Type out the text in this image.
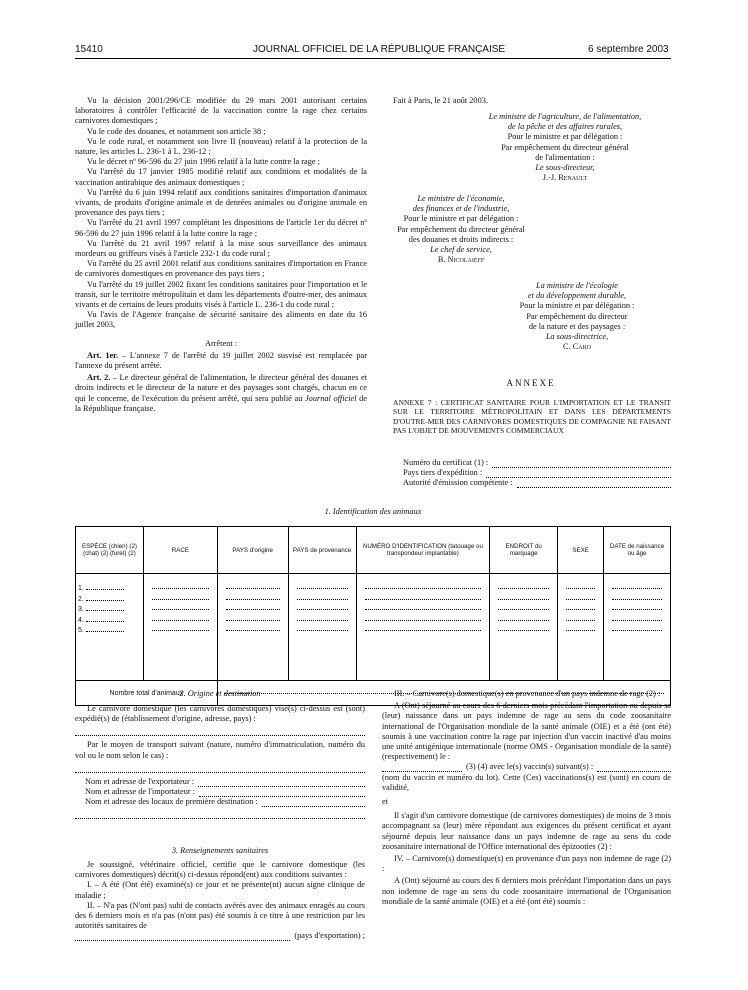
15410	JOURNAL OFFICIEL DE LA RÉPUBLIQUE FRANÇAISE	6 septembre 2003

Vu la décision 2001/296/CE modifiée du 29 mars 2001 autorisant certains laboratoires à contrôler l'efficacité de la vaccination contre la rage chez certains carnivores domestiques ;

Vu le code des douanes, et notamment son article 38 ;

Vu le code rural, et notamment son livre II (nouveau) relatif à la protection de la nature, les articles L. 236-1 à L. 236-12 ;

Vu le décret nº 96-596 du 27 juin 1996 relatif à la lutte contre la rage ;

Vu l'arrêté du 17 janvier 1985 modifié relatif aux conditions et modalités de la vaccination antirabique des animaux domestiques ;

Vu l'arrêté du 6 juin 1994 relatif aux conditions sanitaires d'importation d'animaux vivants, de produits d'origine animale et de denrées animales ou d'origine animale en provenance des pays tiers ;

Vu l'arrêté du 21 avril 1997 complétant les dispositions de l'article 1er du décret nº 96-596 du 27 juin 1996 relatif à la lutte contre la rage ;

Vu l'arrêté du 21 avril 1997 relatif à la mise sous surveillance des animaux mordeurs ou griffeurs visés à l'article 232-1 du code rural ;

Vu l'arrêté du 25 avril 2001 relatif aux conditions sanitaires d'importation en France de carnivores domestiques en provenance des pays tiers ;

Vu l'arrêté du 19 juillet 2002 fixant les conditions sanitaires pour l'importation et le transit, sur le territoire métropolitain et dans les départements d'outre-mer, des animaux vivants et de certains de leurs produits visés à l'article L. 236-1 du code rural ;

Vu l'avis de l'Agence française de sécurité sanitaire des aliments en date du 16 juillet 2003,

Arrêtent :

Art. 1er. – L'annexe 7 de l'arrêté du 19 juillet 2002 susvisé est remplacée par l'annexe du présent arrêté.

Art. 2. – Le directeur général de l'alimentation, le directeur général des douanes et droits indirects et le directeur de la nature et des paysages sont chargés, chacun en ce qui le concerne, de l'exécution du présent arrêté, qui sera publié au Journal officiel de la République française.

Fait à Paris, le 21 août 2003.
Le ministre de l'agriculture, de l'alimentation,
de la pêche et des affaires rurales,
Pour le ministre et par délégation :
Par empêchement du directeur général
de l'alimentation :
Le sous-directeur,
J.-J. Renault
Le ministre de l'économie,
des finances et de l'industrie,
Pour le ministre et par délégation :
Par empêchement du directeur général
des douanes et droits indirects :
Le chef de service,
B. Nicolaieff
La ministre de l'écologie
et du développement durable,
Pour la ministre et par délégation :
Par empêchement du directeur
de la nature et des paysages :
La sous-directrice,
C. Caro
ANNEXE
ANNEXE 7 : CERTIFICAT SANITAIRE POUR L'IMPORTATION ET LE TRANSIT SUR LE TERRITOIRE MÉTROPOLITAIN ET DANS LES DÉPARTEMENTS D'OUTRE-MER DES CARNIVORES DOMESTIQUES DE COMPAGNIE NE FAISANT PAS L'OBJET DE MOUVEMENTS COMMERCIAUX
Numéro du certificat (1) :
Pays tiers d'expédition :
Autorité d'émission compétente :
1. Identification des animaux
ESPÈCE (chien) (2) (chat) (2) (furet) (2)	RACE	PAYS d'origine	PAYS de provenance	NUMÉRO D'IDENTIFICATION (tatouage ou transpondeur implantable)	ENDROIT du marquage	SEXE	DATE de naissance ou âge

1.
2.
3.
4.
5.							

Nombre total d'animaux							
2. Origine et destination

Le carnivore domestique (les carnivores domestiques) visé(s) ci-dessus est (sont) expédié(s) de (établissement d'origine, adresse, pays) :

Par le moyen de transport suivant (nature, numéro d'immatriculation, numéro du vol ou le nom selon le cas) :

Nom et adresse de l'exportateur :
Nom et adresse de l'importateur :
Nom et adresse des locaux de première destination :
3. Renseignements sanitaires

Je soussigné, vétérinaire officiel, certifie que le carnivore domestique (les carnivores domestiques) décrit(s) ci-dessus répond(ent) aux conditions suivantes :

I. – A été (Ont été) examiné(s) ce jour et ne présente(nt) aucun signe clinique de maladie ;

II. – N'a pas (N'ont pas) subi de contacts avérés avec des animaux enragés au cours des 6 derniers mois et n'a pas (n'ont pas) été soumis à ce titre à une restriction par les autorités sanitaires de

(pays d'exportation) ;

III. – Carnivore(s) domestique(s) en provenance d'un pays indemne de rage (2) :

A (Ont) séjourné au cours des 6 derniers mois précédant l'importation ou depuis sa (leur) naissance dans un pays indemne de rage au sens du code zoosanitaire international de l'Organisation mondiale de la santé animale (OIE) et a été (ont été) soumis à une vaccination contre la rage par injection d'un vaccin inactivé d'au moins une unité antigénique internationale (norme OMS - Organisation mondiale de la santé) (respectivement) le :

(3) (4) avec le(s) vaccin(s) suivant(s) :

(nom du vaccin et numéro du lot). Cette (Ces) vaccinations(s) est (sont) en cours de validité,

et

Il s'agit d'un carnivore domestique (de carnivores domestiques) de moins de 3 mois accompagnant sa (leur) mère répondant aux exigences du présent certificat et ayant séjourné depuis leur naissance dans un pays indemne de rage au sens du code zoosanitaire international de l'Office international des épizooties (2) :

IV. – Carnivore(s) domestique(s) en provenance d'un pays non indemne de rage (2) :

A (Ont) séjourné au cours des 6 derniers mois précédant l'importation dans un pays non indemne de rage au sens du code zoosanitaire international de l'Organisation mondiale de la santé animale (OIE) et a été (ont été) soumis :
